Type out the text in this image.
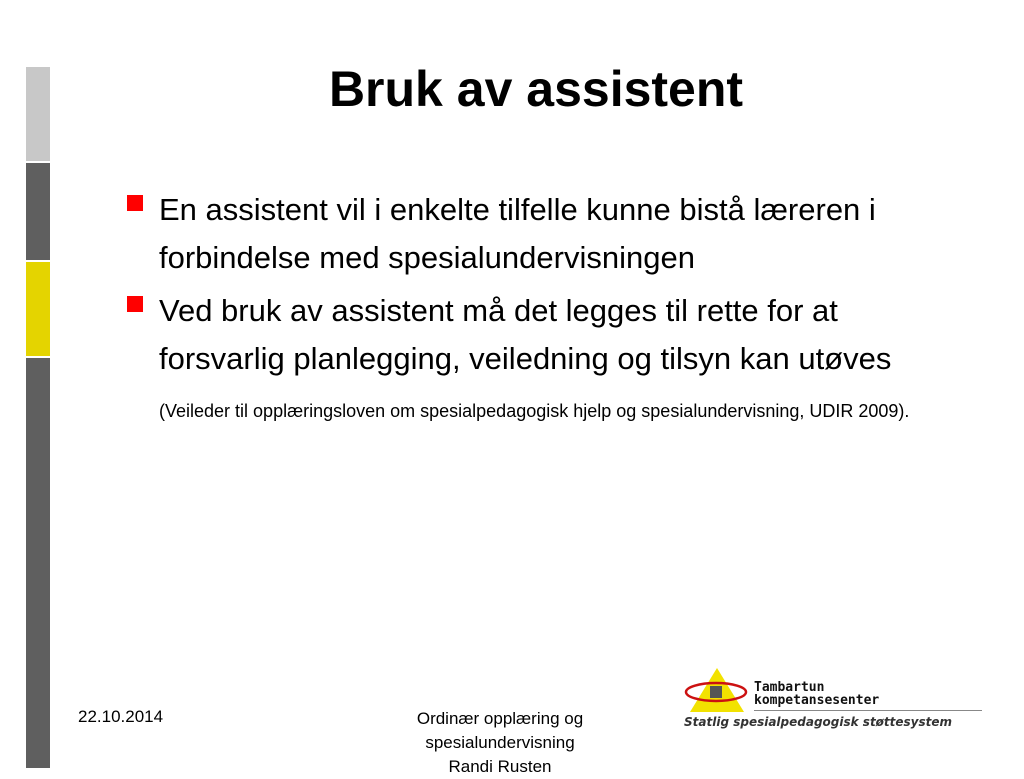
Bruk av assistent
En assistent vil i enkelte tilfelle kunne bistå læreren i forbindelse med spesialundervisningen
Ved bruk av assistent må det legges til rette for at forsvarlig planlegging, veiledning og tilsyn kan utøves (Veileder til opplæringsloven om spesialpedagogisk hjelp og spesialundervisning, UDIR 2009).
22.10.2014	Ordinær opplæring og
spesialundervisning
Randi Rusten
Tambartun
kompetansesenter
Statlig spesialpedagogisk støttesystem
